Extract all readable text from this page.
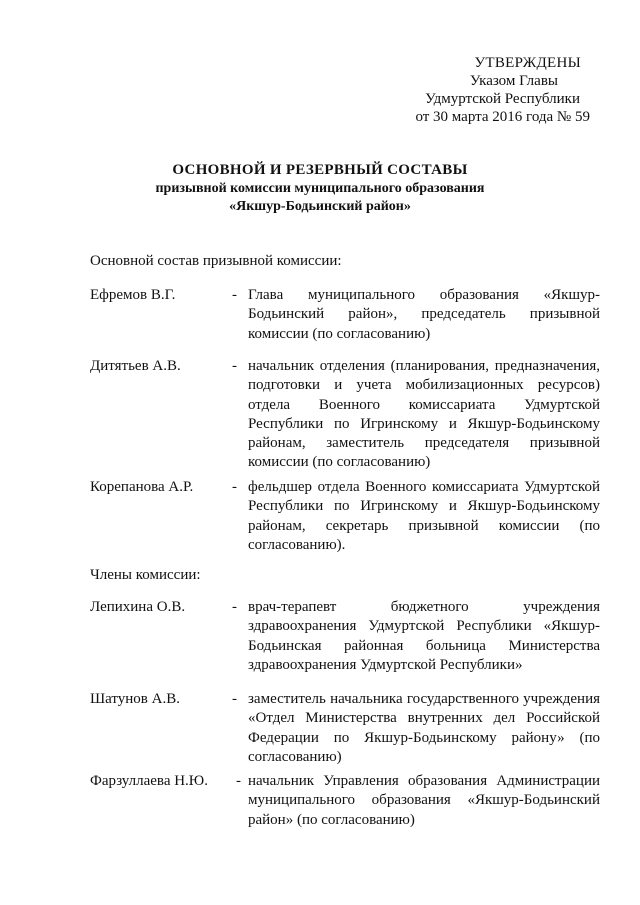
УТВЕРЖДЕНЫ
Указом Главы
Удмуртской Республики
от 30 марта 2016 года № 59
ОСНОВНОЙ И РЕЗЕРВНЫЙ СОСТАВЫ
призывной комиссии муниципального образования
«Якшур-Бодьинский район»
Основной состав призывной комиссии:
Ефремов В.Г.	- Глава муниципального образования «Якшур-Бодьинский район», председатель призывной комиссии (по согласованию)
Дитятьев А.В.	- начальник отделения (планирования, предназначения, подготовки и учета мобилизационных ресурсов) отдела Военного комиссариата Удмуртской Республики по Игринскому и Якшур-Бодьинскому районам, заместитель председателя призывной комиссии (по согласованию)
Корепанова А.Р.	- фельдшер отдела Военного комиссариата Удмуртской Республики по Игринскому и Якшур-Бодьинскому районам, секретарь призывной комиссии (по согласованию).
Члены комиссии:
Лепихина О.В.	- врач-терапевт бюджетного учреждения здравоохранения Удмуртской Республики «Якшур-Бодьинская районная больница Министерства здравоохранения Удмуртской Республики»
Шатунов А.В.	- заместитель начальника государственного учреждения «Отдел Министерства внутренних дел Российской Федерации по Якшур-Бодьинскому району» (по согласованию)
Фарзуллаева Н.Ю.	- начальник Управления образования Администрации муниципального образования «Якшур-Бодьинский район» (по согласованию)
